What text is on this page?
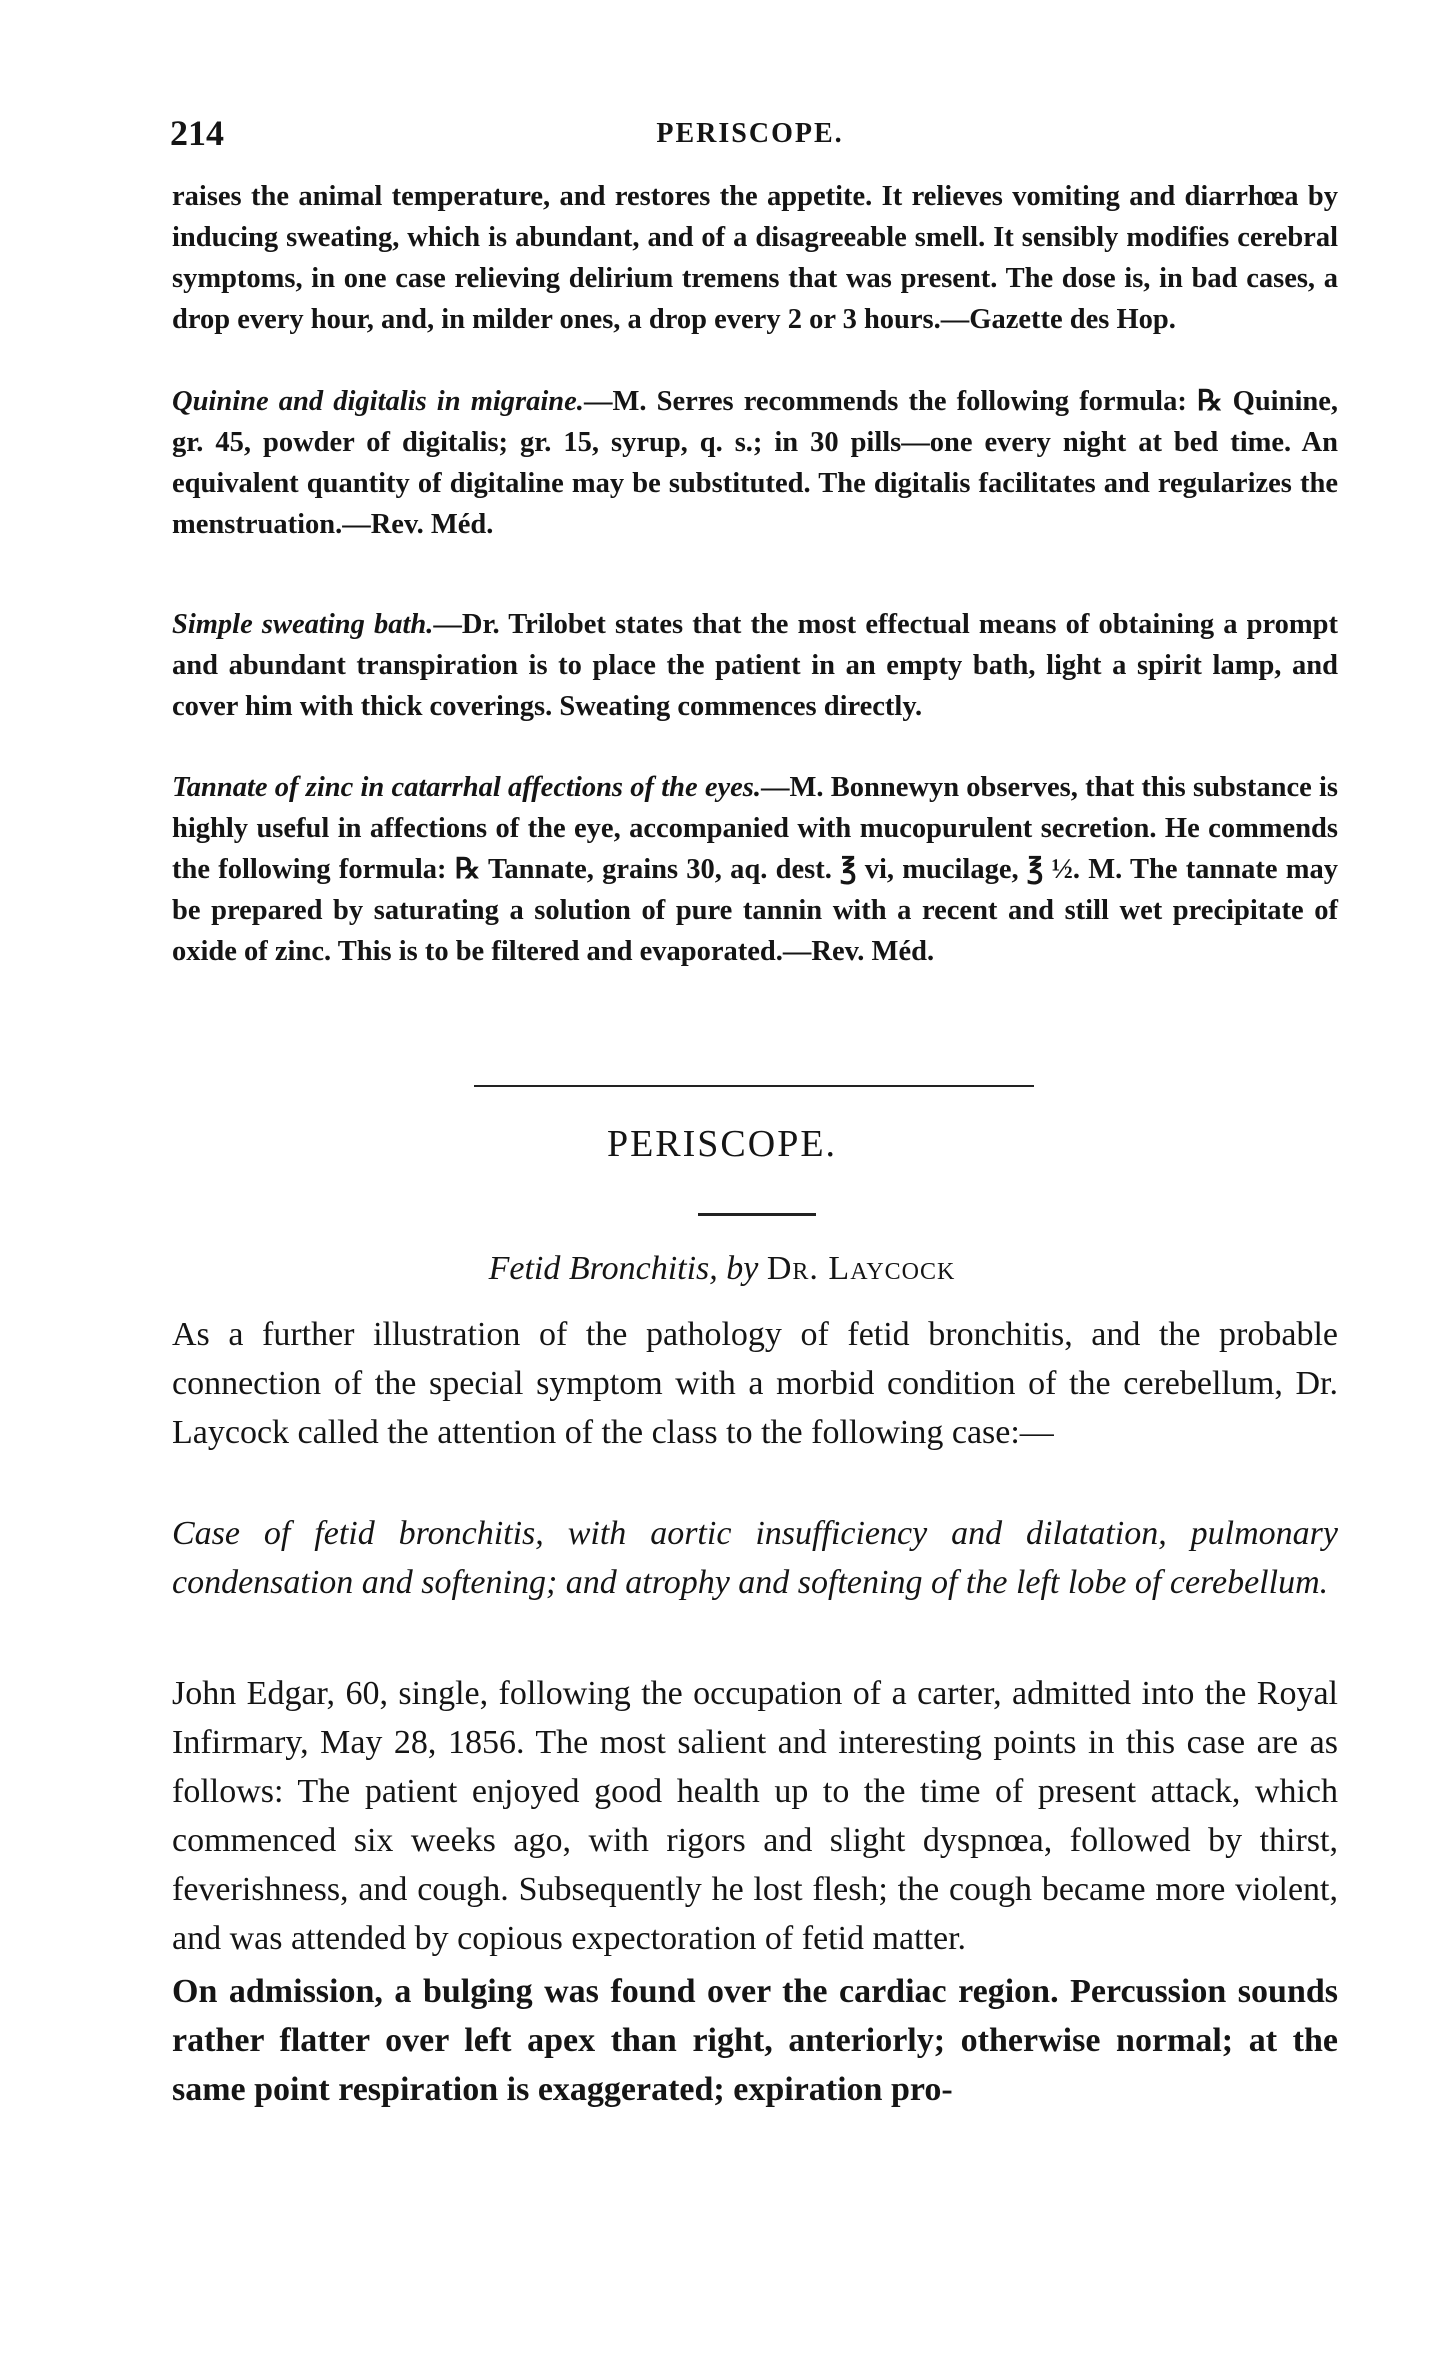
214	PERISCOPE.

raises the animal temperature, and restores the appetite. It relieves vomiting and diarrhœa by inducing sweating, which is abundant, and of a disagreeable smell. It sensibly modifies cerebral symptoms, in one case relieving delirium tremens that was present. The dose is, in bad cases, a drop every hour, and, in milder ones, a drop every 2 or 3 hours.—Gazette des Hop.

Quinine and digitalis in migraine.—M. Serres recommends the following formula: ℞ Quinine, gr. 45, powder of digitalis; gr. 15, syrup, q. s.; in 30 pills—one every night at bed time. An equivalent quantity of digitaline may be substituted. The digitalis facilitates and regularizes the menstruation.—Rev. Méd.

Simple sweating bath.—Dr. Trilobet states that the most effectual means of obtaining a prompt and abundant transpiration is to place the patient in an empty bath, light a spirit lamp, and cover him with thick coverings. Sweating commences directly.

Tannate of zinc in catarrhal affections of the eyes.—M. Bonnewyn observes, that this substance is highly useful in affections of the eye, accompanied with mucopurulent secretion. He commends the following formula: ℞ Tannate, grains 30, aq. dest. ℥ vi, mucilage, ℥ ½. M. The tannate may be prepared by saturating a solution of pure tannin with a recent and still wet precipitate of oxide of zinc. This is to be filtered and evaporated.—Rev. Méd.

PERISCOPE.
Fetid Bronchitis, by Dr. Laycock

As a further illustration of the pathology of fetid bronchitis, and the probable connection of the special symptom with a morbid condition of the cerebellum, Dr. Laycock called the attention of the class to the following case:—

Case of fetid bronchitis, with aortic insufficiency and dilatation, pulmonary condensation and softening; and atrophy and softening of the left lobe of cerebellum.

John Edgar, 60, single, following the occupation of a carter, admitted into the Royal Infirmary, May 28, 1856. The most salient and interesting points in this case are as follows: The patient enjoyed good health up to the time of present attack, which commenced six weeks ago, with rigors and slight dyspnœa, followed by thirst, feverishness, and cough. Subsequently he lost flesh; the cough became more violent, and was attended by copious expectoration of fetid matter.

On admission, a bulging was found over the cardiac region. Percussion sounds rather flatter over left apex than right, anteriorly; otherwise normal; at the same point respiration is exaggerated; expiration pro-
